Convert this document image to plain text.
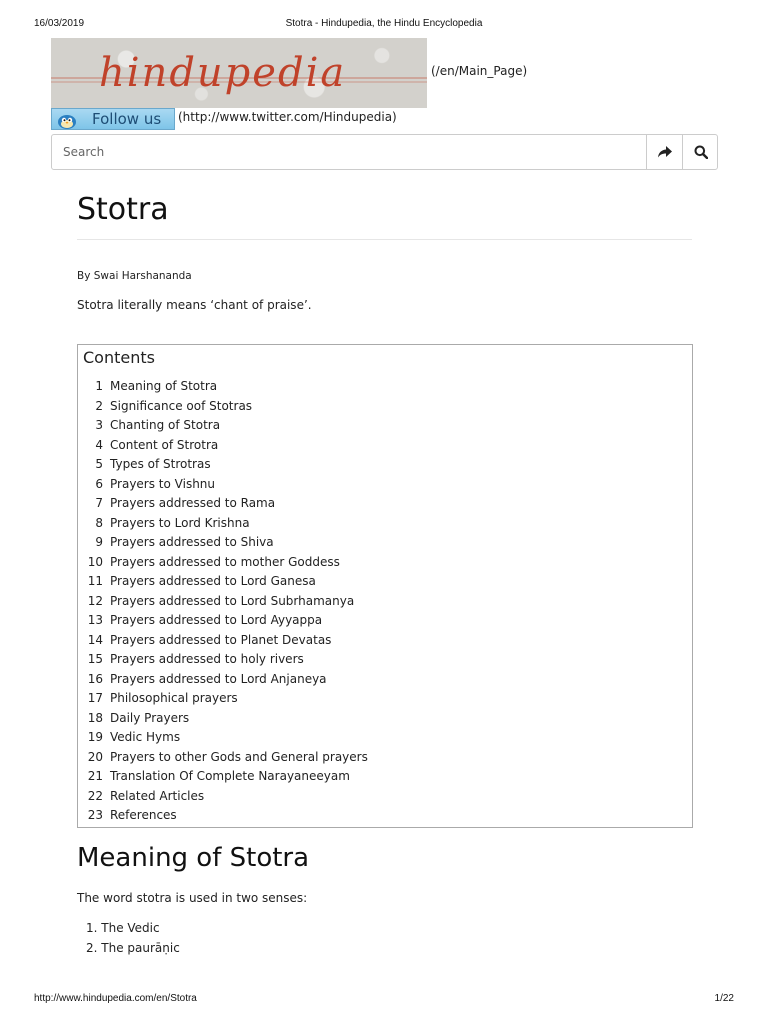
16/03/2019	Stotra - Hindupedia, the Hindu Encyclopedia
hindupedia	(/en/Main_Page)
Follow us (http://www.twitter.com/Hindupedia)
Search
Stotra
By Swai Harshananda
Stotra literally means ‘chant of praise’.
Contents
1 Meaning of Stotra
2 Significance oof Stotras
3 Chanting of Stotra
4 Content of Strotra
5 Types of Strotras
6 Prayers to Vishnu
7 Prayers addressed to Rama
8 Prayers to Lord Krishna
9 Prayers addressed to Shiva
10 Prayers addressed to mother Goddess
11 Prayers addressed to Lord Ganesa
12 Prayers addressed to Lord Subrhamanya
13 Prayers addressed to Lord Ayyappa
14 Prayers addressed to Planet Devatas
15 Prayers addressed to holy rivers
16 Prayers addressed to Lord Anjaneya
17 Philosophical prayers
18 Daily Prayers
19 Vedic Hyms
20 Prayers to other Gods and General prayers
21 Translation Of Complete Narayaneeyam
22 Related Articles
23 References
Meaning of Stotra
The word stotra is used in two senses:
1. The Vedic
2. The paurāṇic
http://www.hindupedia.com/en/Stotra	1/22
